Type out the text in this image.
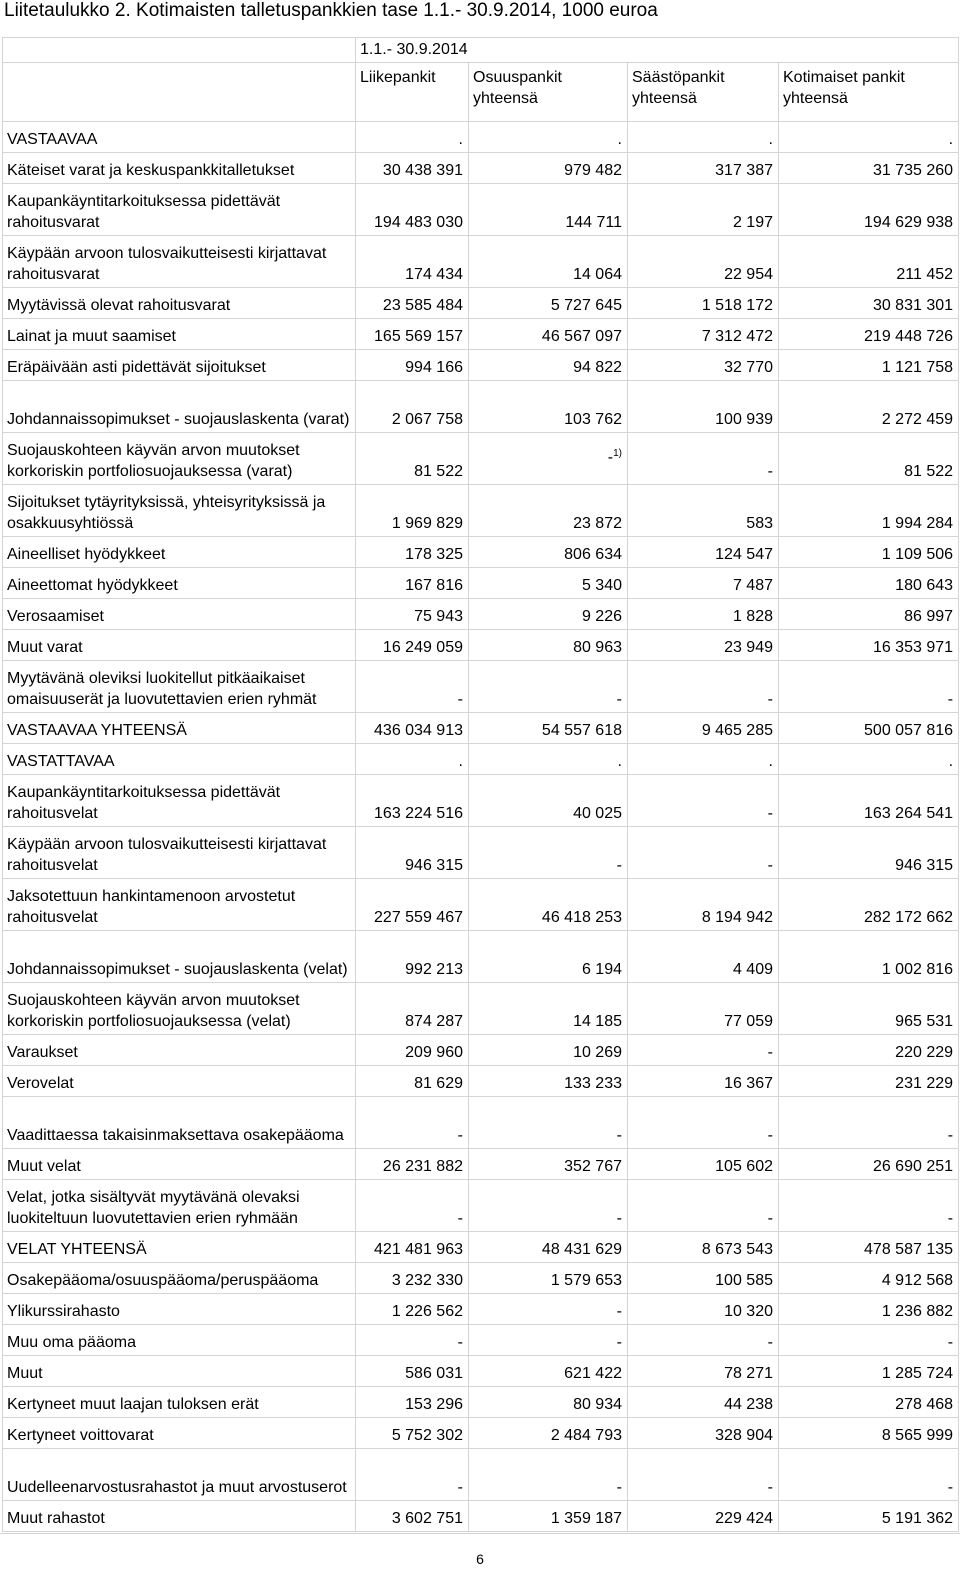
Liitetaulukko 2. Kotimaisten talletuspankkien tase 1.1.- 30.9.2014, 1000 euroa
	1.1.- 30.9.2014			
	Liikepankit	Osuuspankit yhteensä	Säästöpankit yhteensä	Kotimaiset pankit yhteensä
VASTAAVAA	.	.	.	.
Käteiset varat ja keskuspankkitalletukset	30 438 391	979 482	317 387	31 735 260
Kaupankäyntitarkoituksessa pidettävät rahoitusvarat	194 483 030	144 711	2 197	194 629 938
Käypään arvoon tulosvaikutteisesti kirjattavat rahoitusvarat	174 434	14 064	22 954	211 452
Myytävissä olevat rahoitusvarat	23 585 484	5 727 645	1 518 172	30 831 301
Lainat ja muut saamiset	165 569 157	46 567 097	7 312 472	219 448 726
Eräpäivään asti pidettävät sijoitukset	994 166	94 822	32 770	1 121 758
Johdannaissopimukset - suojauslaskenta (varat)	2 067 758	103 762	100 939	2 272 459
Suojauskohteen käyvän arvon muutokset korkoriskin portfoliosuojauksessa (varat)	81 522	-$^{1)}$	-	81 522
Sijoitukset tytäyrityksissä, yhteisyrityksissä ja osakkuusyhtiössä	1 969 829	23 872	583	1 994 284
Aineelliset hyödykkeet	178 325	806 634	124 547	1 109 506
Aineettomat hyödykkeet	167 816	5 340	7 487	180 643
Verosaamiset	75 943	9 226	1 828	86 997
Muut varat	16 249 059	80 963	23 949	16 353 971
Myytävänä oleviksi luokitellut pitkäaikaiset omaisuuserät ja luovutettavien erien ryhmät	-	-	-	-
VASTAAVAA YHTEENSÄ	436 034 913	54 557 618	9 465 285	500 057 816
VASTATTAVAA	.	.	.	.
Kaupankäyntitarkoituksessa pidettävät rahoitusvelat	163 224 516	40 025	-	163 264 541
Käypään arvoon tulosvaikutteisesti kirjattavat rahoitusvelat	946 315	-	-	946 315
Jaksotettuun hankintamenoon arvostetut rahoitusvelat	227 559 467	46 418 253	8 194 942	282 172 662
Johdannaissopimukset - suojauslaskenta (velat)	992 213	6 194	4 409	1 002 816
Suojauskohteen käyvän arvon muutokset korkoriskin portfoliosuojauksessa (velat)	874 287	14 185	77 059	965 531
Varaukset	209 960	10 269	-	220 229
Verovelat	81 629	133 233	16 367	231 229
Vaadittaessa takaisinmaksettava osakepääoma	-	-	-	-
Muut velat	26 231 882	352 767	105 602	26 690 251
Velat, jotka sisältyvät myytävänä olevaksi luokiteltuun luovutettavien erien ryhmään	-	-	-	-
VELAT YHTEENSÄ	421 481 963	48 431 629	8 673 543	478 587 135
Osakepääoma/osuuspääoma/peruspääoma	3 232 330	1 579 653	100 585	4 912 568
Ylikurssirahasto	1 226 562	-	10 320	1 236 882
Muu oma pääoma	-	-	-	-
Muut	586 031	621 422	78 271	1 285 724
Kertyneet muut laajan tuloksen erät	153 296	80 934	44 238	278 468
Kertyneet voittovarat	5 752 302	2 484 793	328 904	8 565 999
Uudelleenarvostusrahastot ja muut arvostuserot	-	-	-	-
Muut rahastot	3 602 751	1 359 187	229 424	5 191 362
6
